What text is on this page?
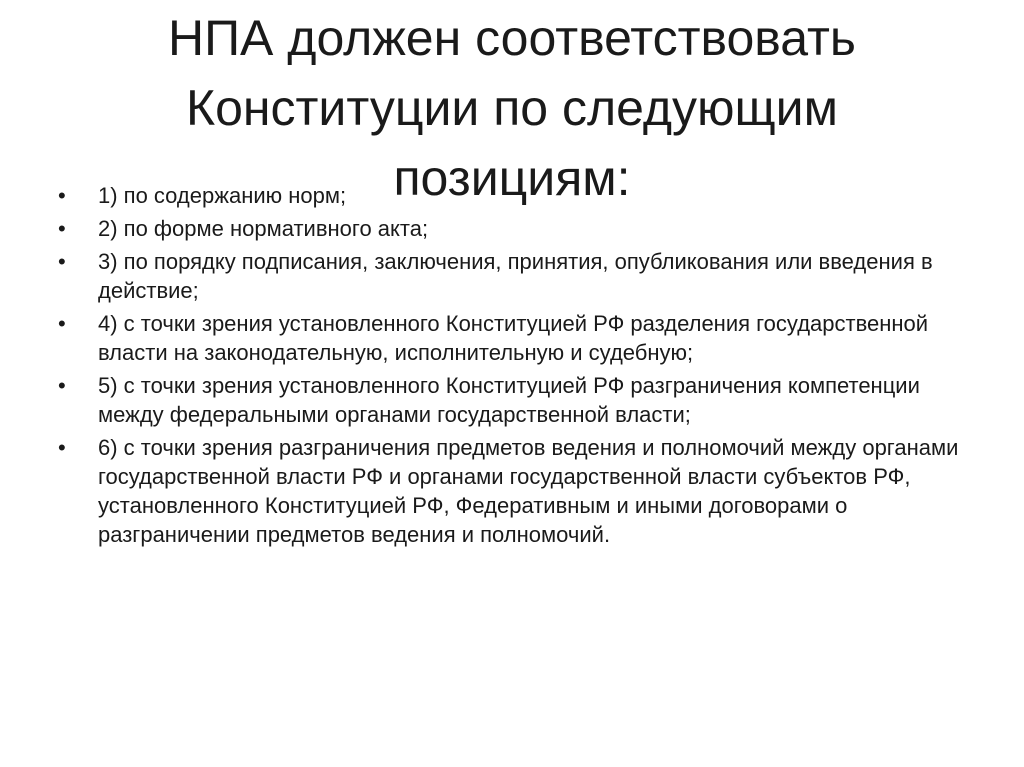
НПА должен соответствовать
Конституции по следующим
позициям:
•	1) по содержанию норм;
•	2) по форме нормативного акта;
•	3) по порядку подписания, заключения, принятия, опубликования или введения в действие;
•	4) с точки зрения установленного Конституцией РФ разделения государственной власти на законодательную, исполнительную и судебную;
•	5) с точки зрения установленного Конституцией РФ разграничения компетенции между федеральными органами государственной власти;
•	6) с точки зрения разграничения предметов ведения и полномочий между органами государственной власти РФ и органами государственной власти субъектов РФ, установленного Конституцией РФ, Федеративным и иными договорами о разграничении предметов ведения и полномочий.
